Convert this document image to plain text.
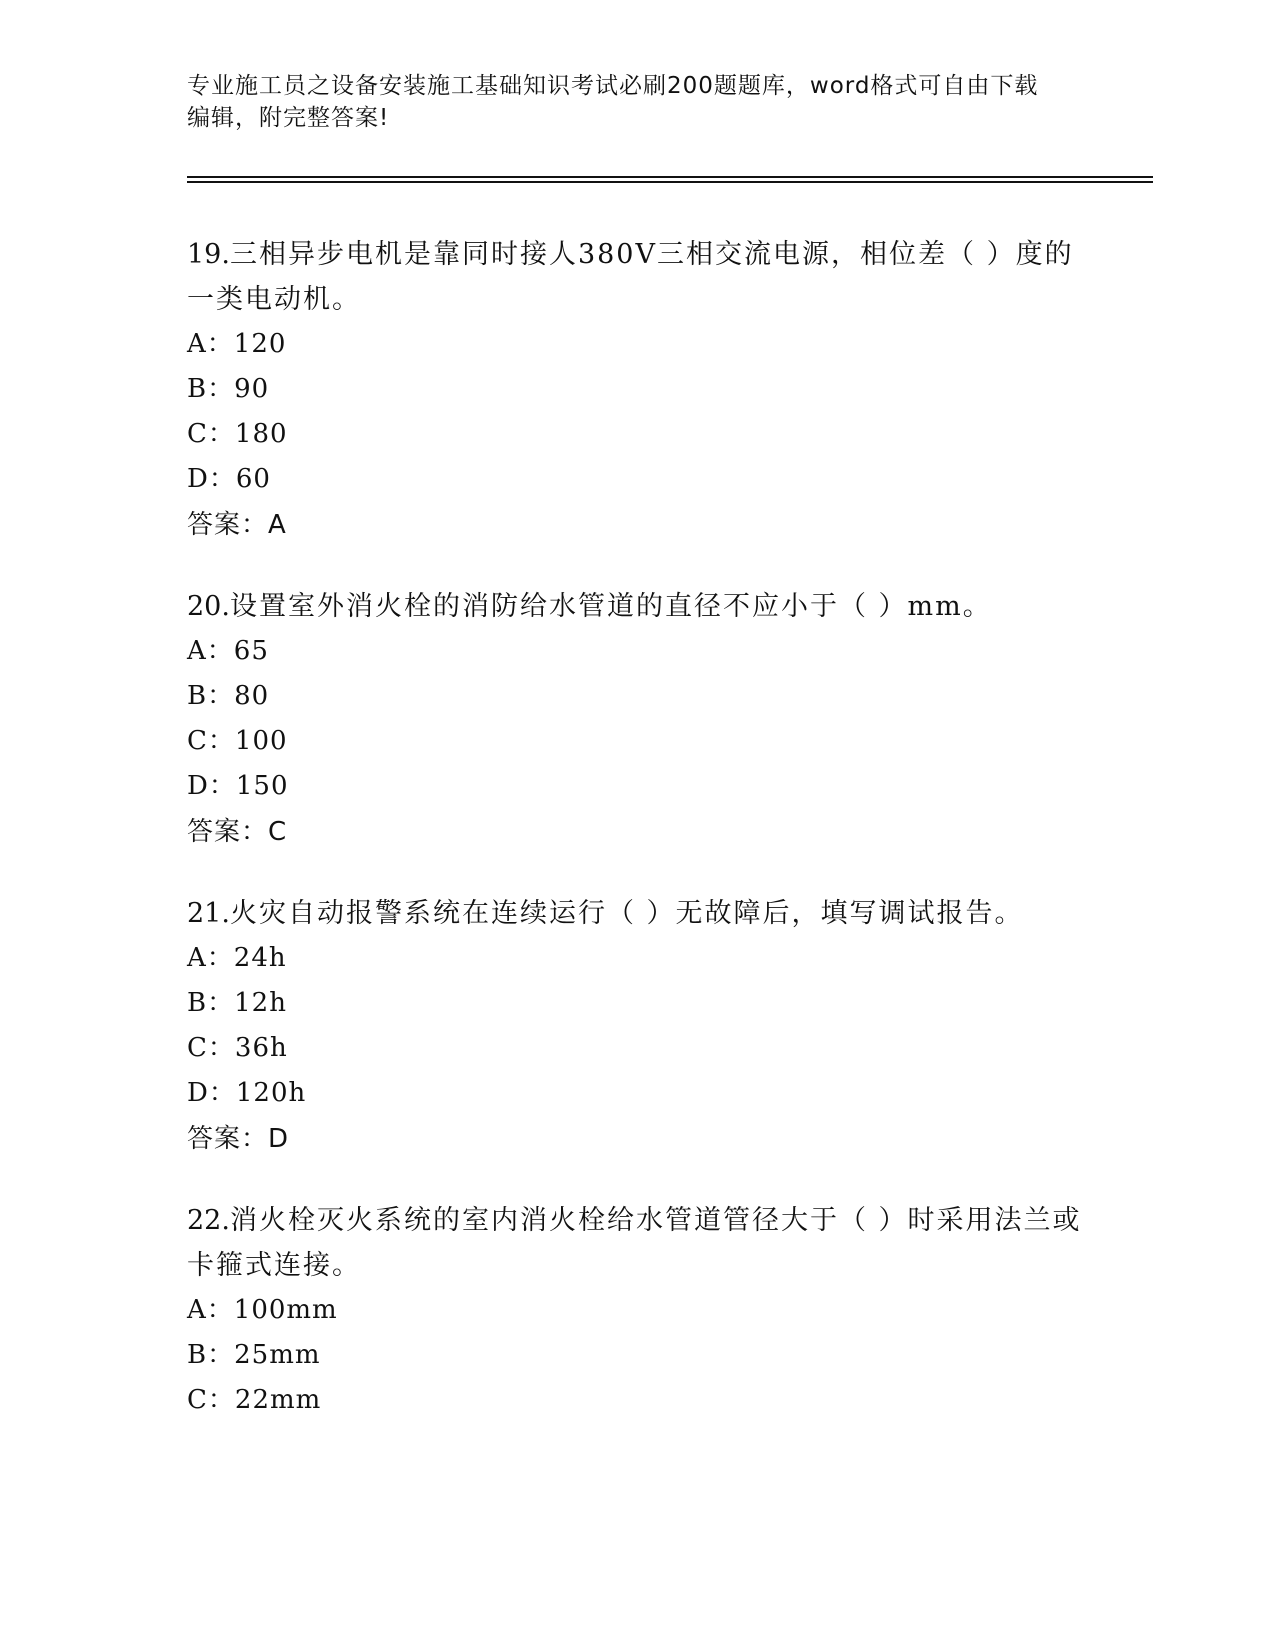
专业施工员之设备安装施工基础知识考试必刷200题题库，word格式可自由下载
编辑，附完整答案!
19.三相异步电机是靠同时接人380V三相交流电源，相位差（ ）度的一类电动机。
A：120
B：90
C：180
D：60
答案：A
20.设置室外消火栓的消防给水管道的直径不应小于（ ）mm。
A：65
B：80
C：100
D：150
答案：C
21.火灾自动报警系统在连续运行（ ）无故障后，填写调试报告。
A：24h
B：12h
C：36h
D：120h
答案：D
22.消火栓灭火系统的室内消火栓给水管道管径大于（ ）时采用法兰或卡箍式连接。
A：100mm
B：25mm
C：22mm
